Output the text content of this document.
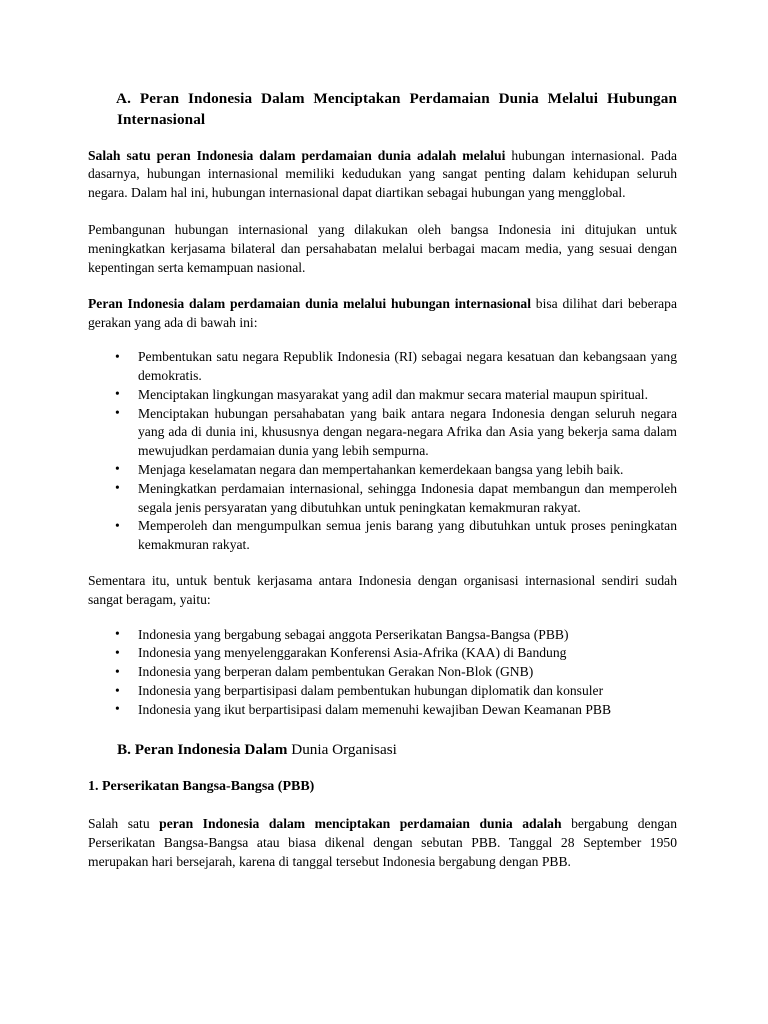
A. Peran Indonesia Dalam Menciptakan Perdamaian Dunia Melalui Hubungan Internasional

Salah satu peran Indonesia dalam perdamaian dunia adalah melalui hubungan internasional. Pada dasarnya, hubungan internasional memiliki kedudukan yang sangat penting dalam kehidupan seluruh negara. Dalam hal ini, hubungan internasional dapat diartikan sebagai hubungan yang mengglobal.

Pembangunan hubungan internasional yang dilakukan oleh bangsa Indonesia ini ditujukan untuk meningkatkan kerjasama bilateral dan persahabatan melalui berbagai macam media, yang sesuai dengan kepentingan serta kemampuan nasional.

Peran Indonesia dalam perdamaian dunia melalui hubungan internasional bisa dilihat dari beberapa gerakan yang ada di bawah ini:

• Pembentukan satu negara Republik Indonesia (RI) sebagai negara kesatuan dan kebangsaan yang demokratis.
• Menciptakan lingkungan masyarakat yang adil dan makmur secara material maupun spiritual.
• Menciptakan hubungan persahabatan yang baik antara negara Indonesia dengan seluruh negara yang ada di dunia ini, khususnya dengan negara-negara Afrika dan Asia yang bekerja sama dalam mewujudkan perdamaian dunia yang lebih sempurna.
• Menjaga keselamatan negara dan mempertahankan kemerdekaan bangsa yang lebih baik.
• Meningkatkan perdamaian internasional, sehingga Indonesia dapat membangun dan memperoleh segala jenis persyaratan yang dibutuhkan untuk peningkatan kemakmuran rakyat.
• Memperoleh dan mengumpulkan semua jenis barang yang dibutuhkan untuk proses peningkatan kemakmuran rakyat.

Sementara itu, untuk bentuk kerjasama antara Indonesia dengan organisasi internasional sendiri sudah sangat beragam, yaitu:

• Indonesia yang bergabung sebagai anggota Perserikatan Bangsa-Bangsa (PBB)
• Indonesia yang menyelenggarakan Konferensi Asia-Afrika (KAA) di Bandung
• Indonesia yang berperan dalam pembentukan Gerakan Non-Blok (GNB)
• Indonesia yang berpartisipasi dalam pembentukan hubungan diplomatik dan konsuler
• Indonesia yang ikut berpartisipasi dalam memenuhi kewajiban Dewan Keamanan PBB
B. Peran Indonesia Dalam Dunia Organisasi
1. Perserikatan Bangsa-Bangsa (PBB)

Salah satu peran Indonesia dalam menciptakan perdamaian dunia adalah bergabung dengan Perserikatan Bangsa-Bangsa atau biasa dikenal dengan sebutan PBB. Tanggal 28 September 1950 merupakan hari bersejarah, karena di tanggal tersebut Indonesia bergabung dengan PBB.
